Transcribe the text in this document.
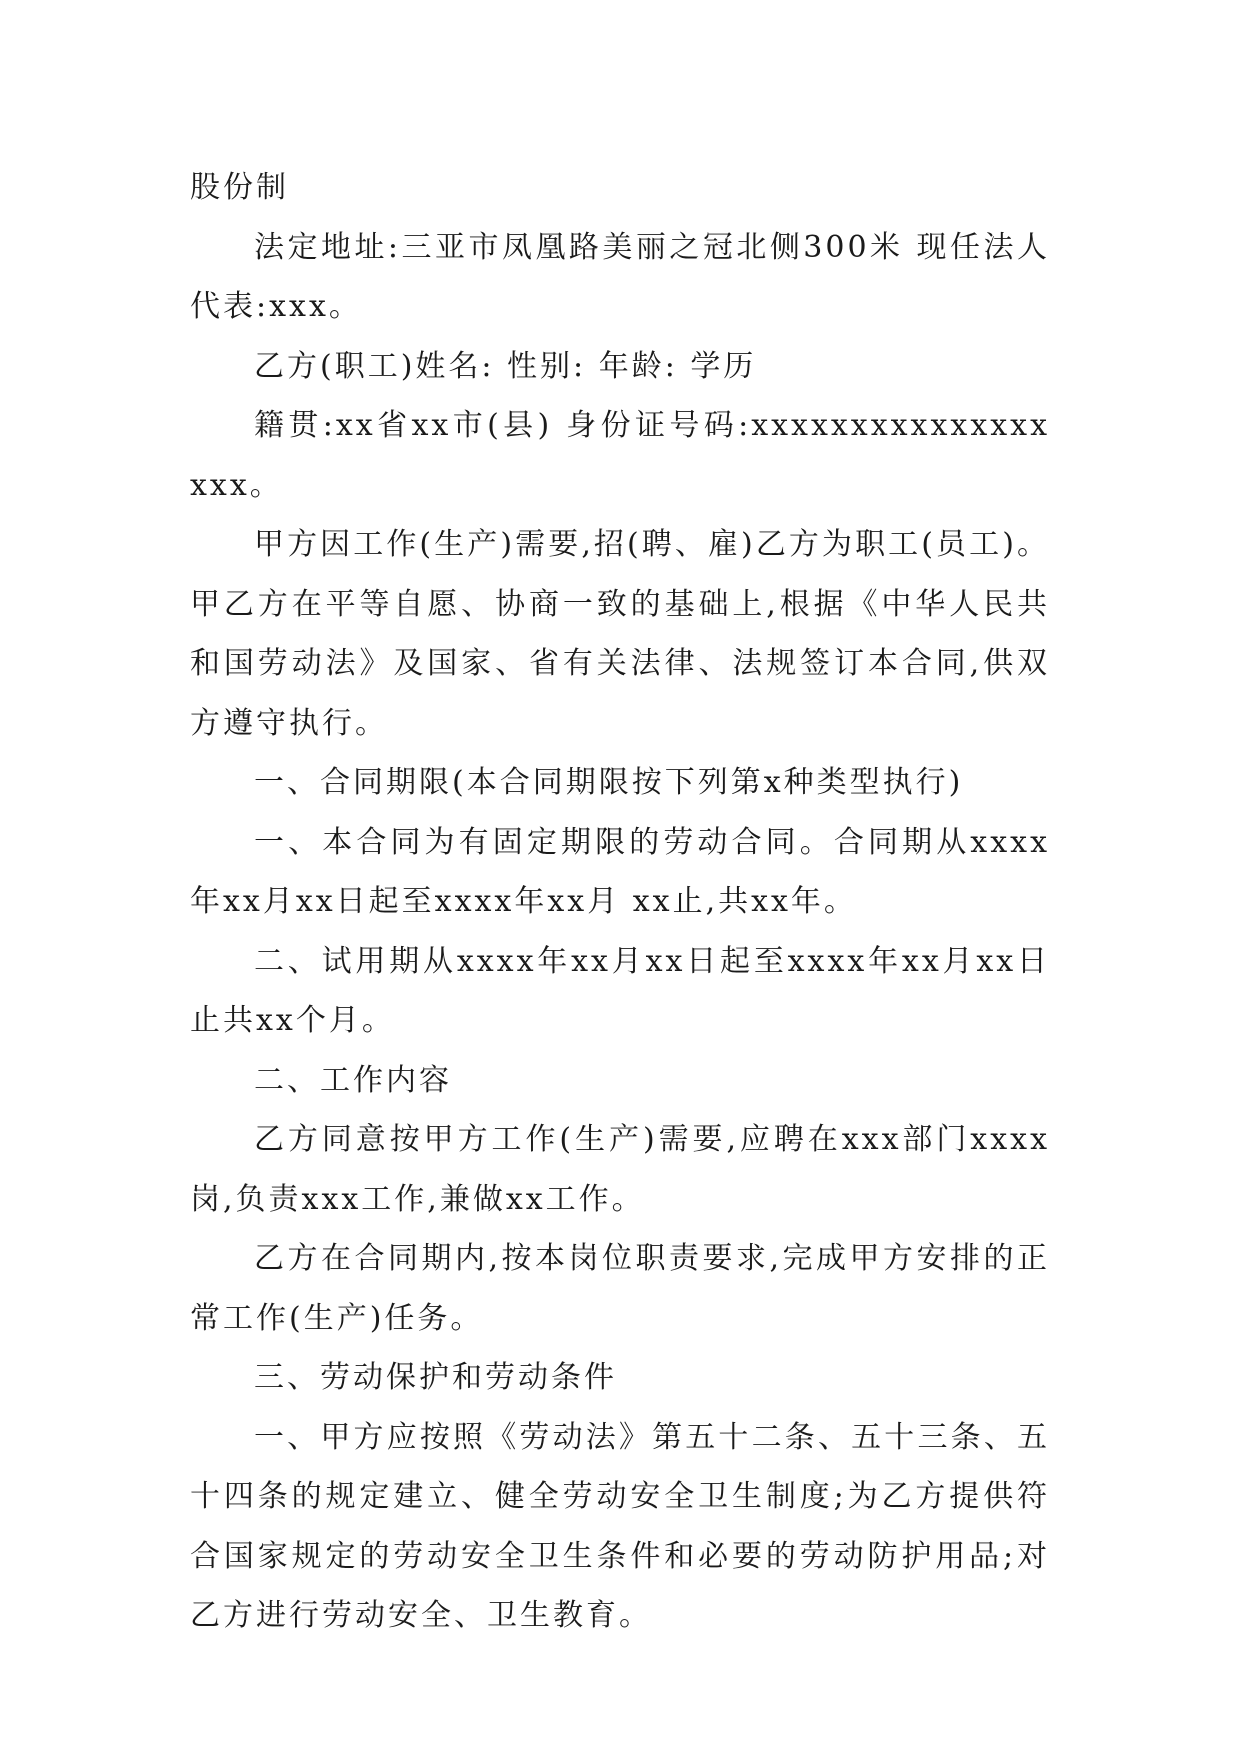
股份制

法定地址:三亚市凤凰路美丽之冠北侧300米 现任法人代表:xxx。

乙方(职工)姓名: 性别: 年龄: 学历

籍贯:xx省xx市(县) 身份证号码:xxxxxxxxxxxxxxxxxx。

甲方因工作(生产)需要,招(聘、雇)乙方为职工(员工)。甲乙方在平等自愿、协商一致的基础上,根据《中华人民共和国劳动法》及国家、省有关法律、法规签订本合同,供双方遵守执行。

一、合同期限(本合同期限按下列第x种类型执行)

一、本合同为有固定期限的劳动合同。合同期从xxxx年xx月xx日起至xxxx年xx月 xx止,共xx年。

二、试用期从xxxx年xx月xx日起至xxxx年xx月xx日止共xx个月。

二、工作内容

乙方同意按甲方工作(生产)需要,应聘在xxx部门xxxx岗,负责xxx工作,兼做xx工作。

乙方在合同期内,按本岗位职责要求,完成甲方安排的正常工作(生产)任务。

三、劳动保护和劳动条件

一、甲方应按照《劳动法》第五十二条、五十三条、五十四条的规定建立、健全劳动安全卫生制度;为乙方提供符合国家规定的劳动安全卫生条件和必要的劳动防护用品;对乙方进行劳动安全、卫生教育。
